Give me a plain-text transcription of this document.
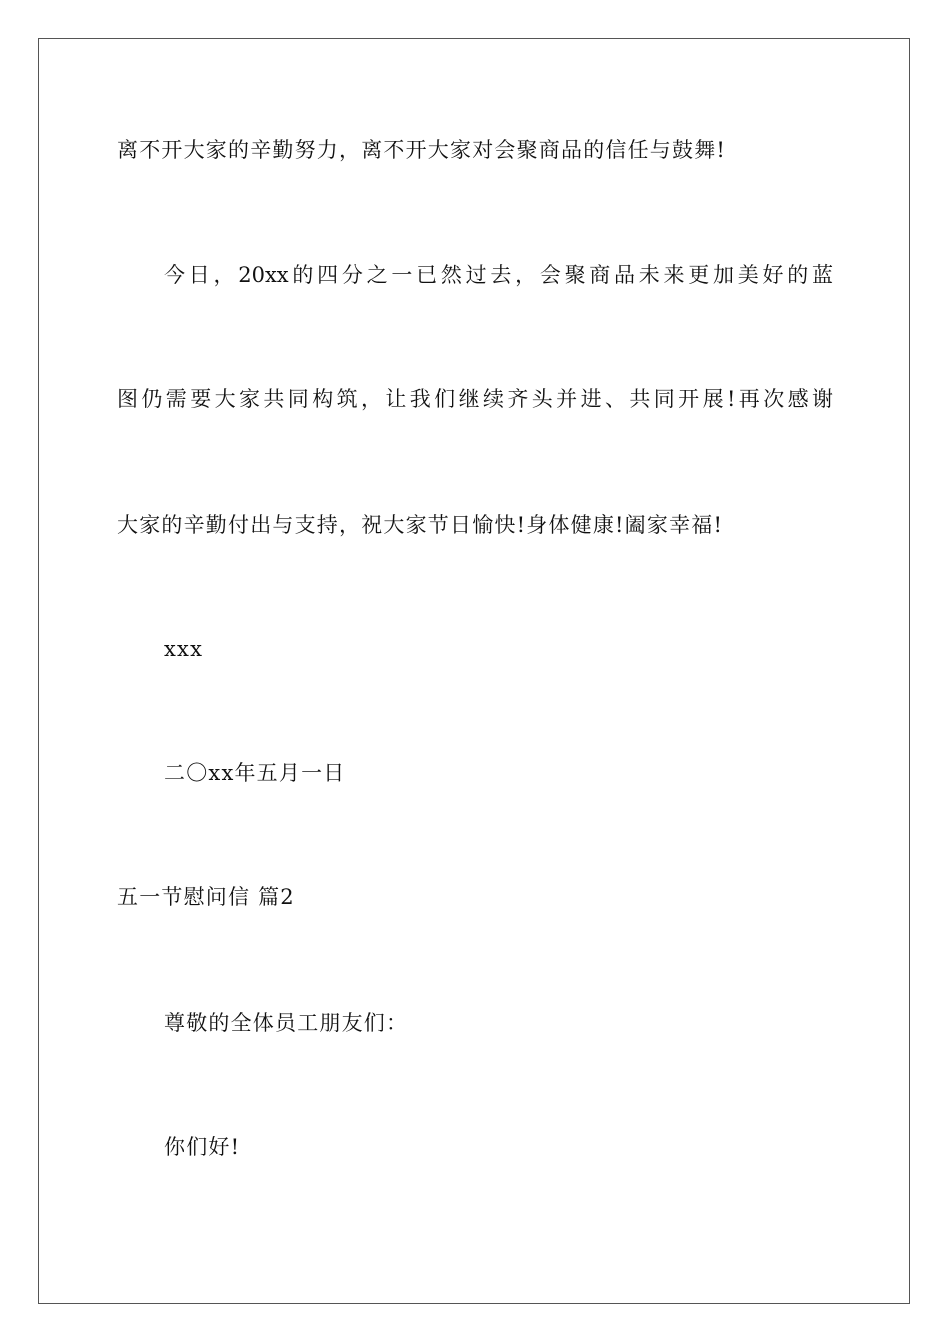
离不开大家的辛勤努力，离不开大家对会聚商品的信任与鼓舞!
今日，20xx的四分之一已然过去，会聚商品未来更加美好的蓝
图仍需要大家共同构筑，让我们继续齐头并进、共同开展!再次感谢
大家的辛勤付出与支持，祝大家节日愉快!身体健康!阖家幸福!
xxx
二〇xx年五月一日
五一节慰问信 篇2
尊敬的全体员工朋友们：
你们好!
